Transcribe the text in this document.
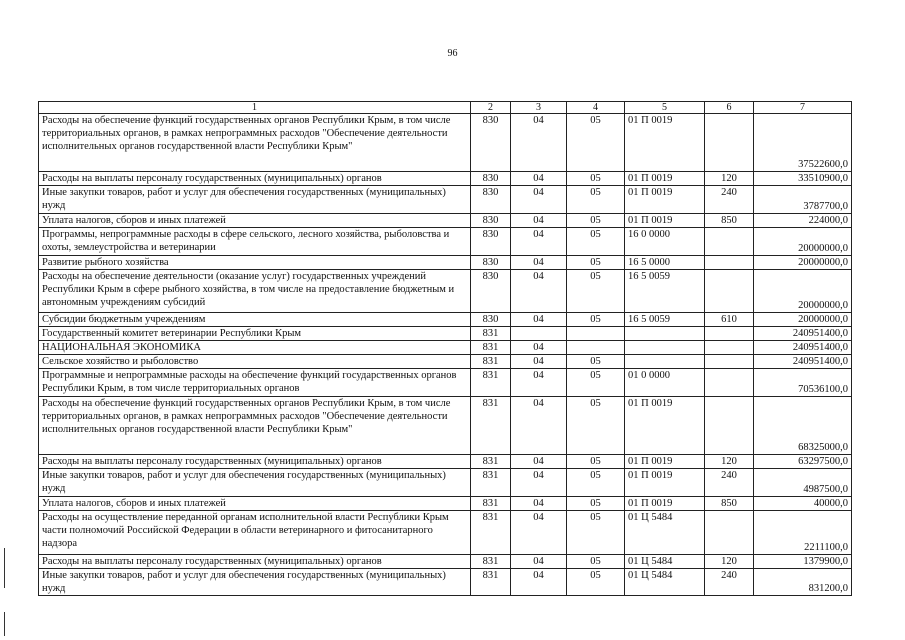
96
1	2	3	4	5	6	7
Расходы на обеспечение функций государственных органов Республики Крым, в том числе территориальных органов, в рамках непрограммных расходов "Обеспечение деятельности исполнительных органов государственной власти Республики Крым"	830	04	05	01 П 0019		37522600,0
Расходы на выплаты персоналу государственных (муниципальных) органов	830	04	05	01 П 0019	120	33510900,0
Иные закупки товаров, работ и услуг для обеспечения государственных (муниципальных) нужд	830	04	05	01 П 0019	240	3787700,0
Уплата налогов, сборов и иных платежей	830	04	05	01 П 0019	850	224000,0
Программы, непрограммные расходы в сфере сельского, лесного хозяйства, рыболовства и охоты, землеустройства и ветеринарии	830	04	05	16 0 0000		20000000,0
Развитие рыбного хозяйства	830	04	05	16 5 0000		20000000,0
Расходы на обеспечение деятельности (оказание услуг) государственных учреждений Республики Крым в сфере рыбного хозяйства, в том числе на предоставление бюджетным и автономным учреждениям субсидий	830	04	05	16 5 0059		20000000,0
Субсидии бюджетным учреждениям	830	04	05	16 5 0059	610	20000000,0
Государственный комитет ветеринарии Республики Крым	831					240951400,0
НАЦИОНАЛЬНАЯ ЭКОНОМИКА	831	04				240951400,0
Сельское хозяйство и рыболовство	831	04	05			240951400,0
Программные и непрограммные расходы на обеспечение функций государственных органов Республики Крым, в том числе территориальных органов	831	04	05	01 0 0000		70536100,0
Расходы на обеспечение функций государственных органов Республики Крым, в том числе территориальных органов, в рамках непрограммных расходов "Обеспечение деятельности исполнительных органов государственной власти Республики Крым"	831	04	05	01 П 0019		68325000,0
Расходы на выплаты персоналу государственных (муниципальных) органов	831	04	05	01 П 0019	120	63297500,0
Иные закупки товаров, работ и услуг для обеспечения государственных (муниципальных) нужд	831	04	05	01 П 0019	240	4987500,0
Уплата налогов, сборов и иных платежей	831	04	05	01 П 0019	850	40000,0
Расходы на осуществление переданной органам исполнительной власти Республики Крым части полномочий Российской Федерации в области ветеринарного и фитосанитарного надзора	831	04	05	01 Ц 5484		2211100,0
Расходы на выплаты персоналу государственных (муниципальных) органов	831	04	05	01 Ц 5484	120	1379900,0
Иные закупки товаров, работ и услуг для обеспечения государственных (муниципальных) нужд	831	04	05	01 Ц 5484	240	831200,0
